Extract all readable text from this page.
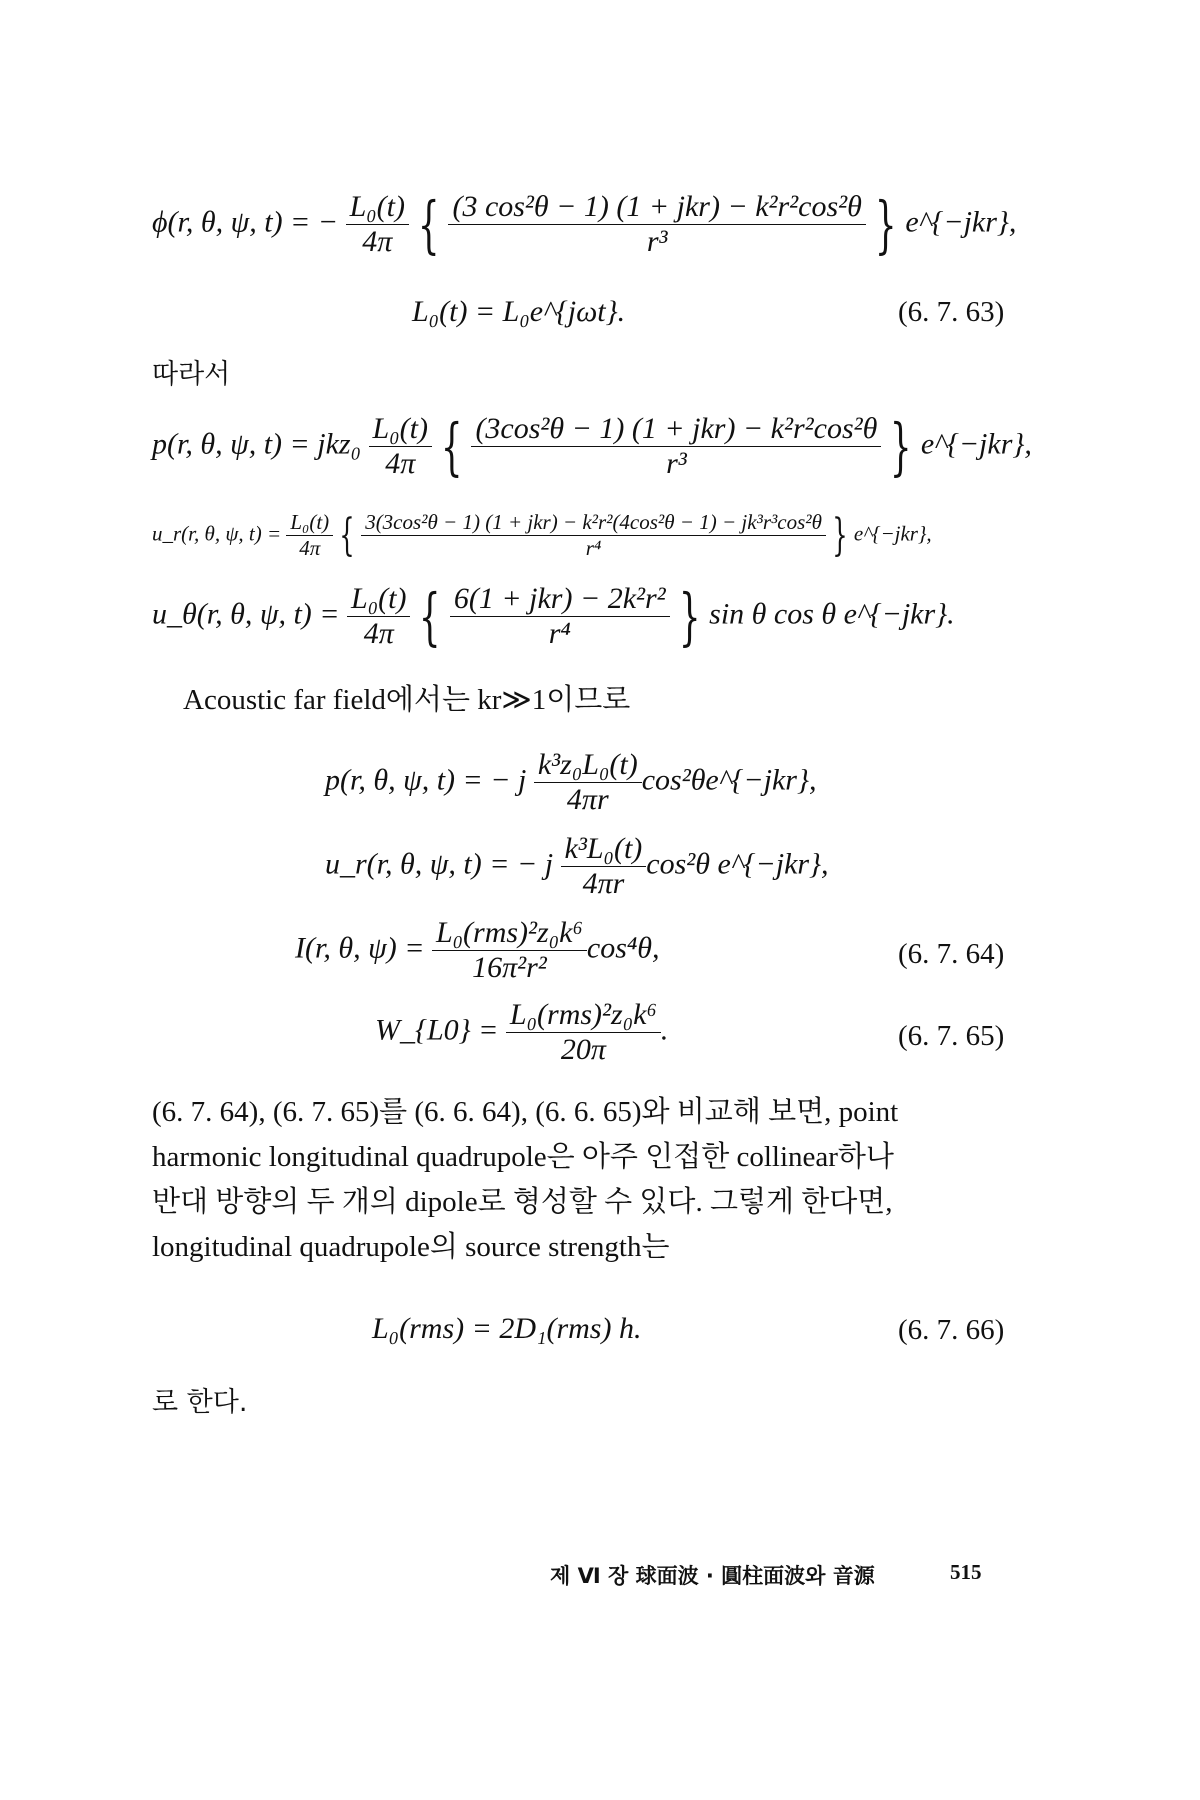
ϕ(r, θ, ψ, t) = − $\frac{\text{L₀(t)}}{4\pi}$ { $\frac{\text{(3 cos²θ − 1) (1 + jkr) − k²r²cos²θ}}{\text{r³}}$ } e^{−jkr},
L₀(t) = L₀e^{jωt}.	(6. 7. 63)
따라서
p(r, θ, ψ, $t) = jkz_0 \frac{\text{L₀(t)}}{4\pi}$ { $\frac{\text{(3cos²θ − 1) (1 + jkr) − k²r²cos²θ}}{\text{r³}}$ } e^{−jkr},
u_r(r, θ, ψ, $t) = \frac{\text{L₀(t)}}{4\pi}$ { $\frac{\text{3(3cos²θ − 1) (1 + jkr) − k²r²(4cos²θ − 1) − jk³r³cos²θ}}{\text{r⁴}}$ } e^{−jkr},
u_θ(r, θ, ψ, $t) = \frac{\text{L₀(t)}}{4\pi}$ { $\frac{\text{6(1 + jkr) − 2k²r²}}{\text{r⁴}}$ } sin θ cos θ e^{−jkr}.
Acoustic far field에서는 kr≫1이므로
p(r, θ, ψ, t) = − j $\frac{\text{k³z₀L₀(t)}}{4\pi r}$ cos²θe^{−jkr},
u_r(r, θ, ψ, t) = − j $\frac{\text{k³L₀(t)}}{4\pi r} \cos^2\theta$ e^{−jkr},
I(r, θ, $\psi) = \frac{\text{L₀(rms)²z₀k⁶}}{\text{16π²r²}} \cos^4\theta$,	(6. 7. 64)
W_{L0} = $\frac{\text{L₀(rms)²z₀k⁶}}{20\pi}$ .	(6. 7. 65)
(6. 7. 64), (6. 7. 65)를 (6. 6. 64), (6. 6. 65)와 비교해 보면, point
harmonic longitudinal quadrupole은 아주 인접한 collinear하나
반대 방향의 두 개의 dipole로 형성할 수 있다. 그렇게 한다면,
longitudinal quadrupole의 source strength는
L₀(rms) = 2D₁(rms) h.	(6. 7. 66)
로 한다.
제 Ⅵ 장 球面波 · 圓柱面波와 音源	515
